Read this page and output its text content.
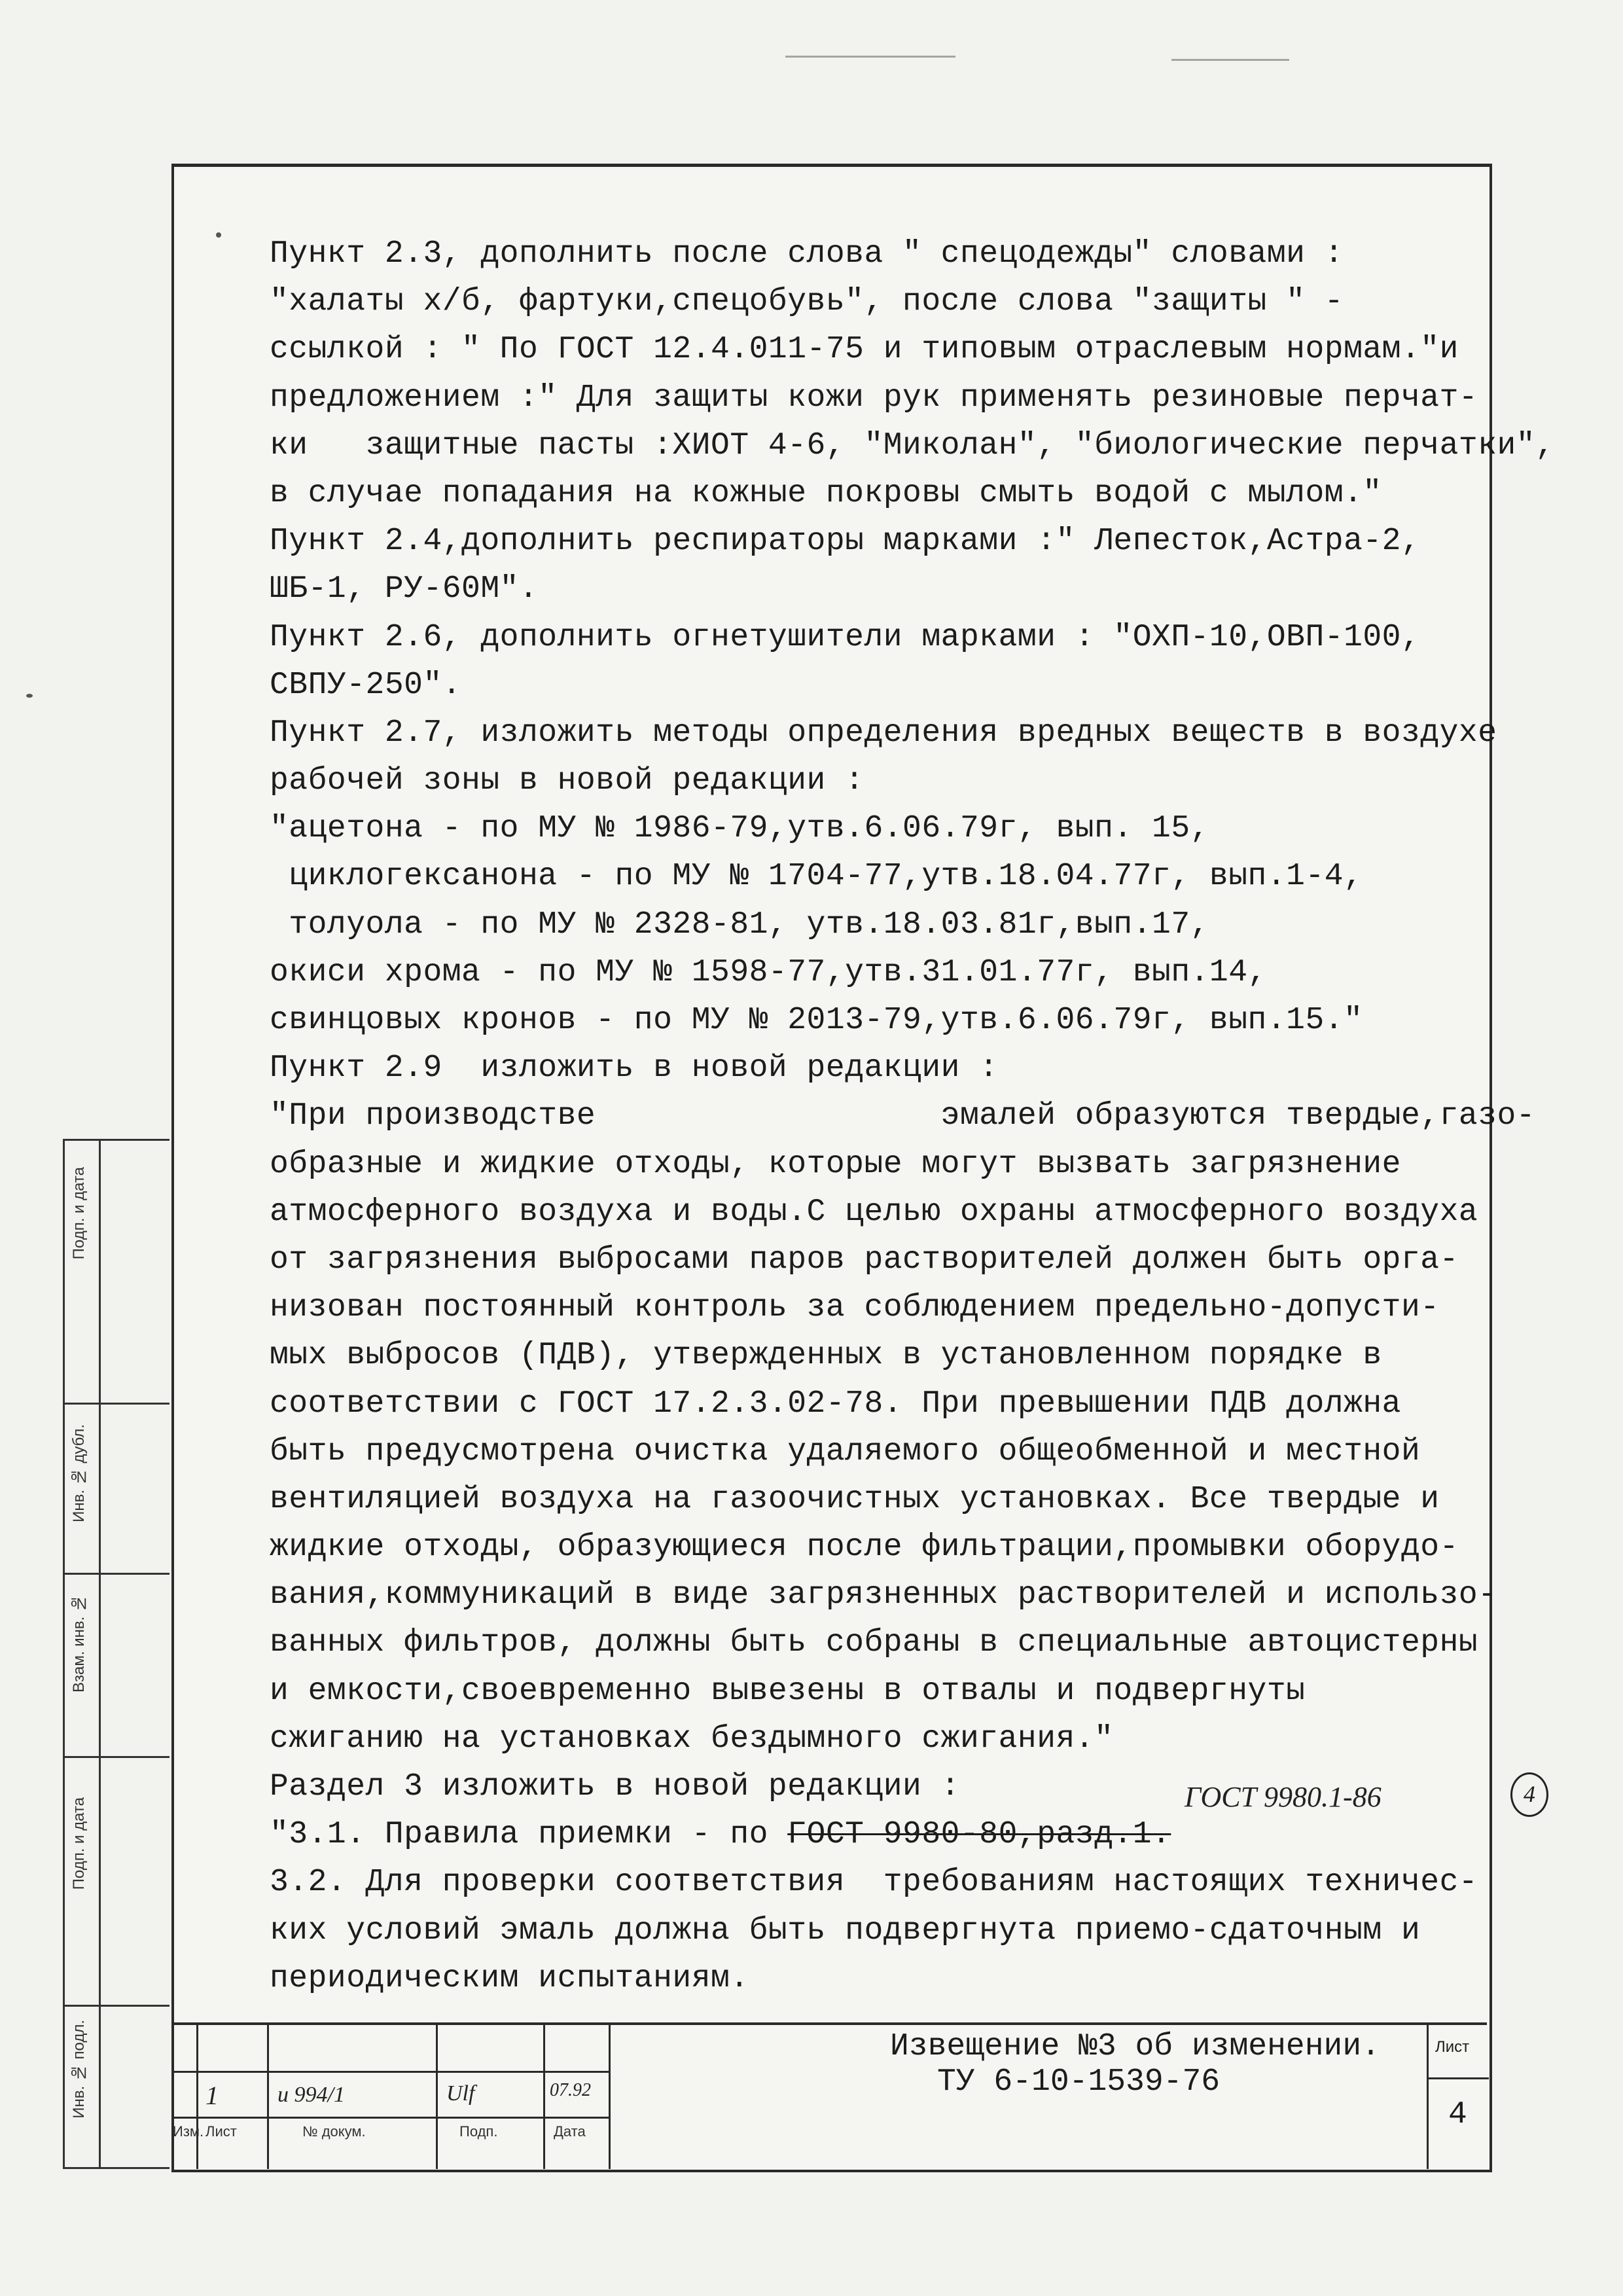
Пункт 2.3, дополнить после слова " спецодежды" словами :
"халаты х/б, фартуки,спецобувь", после слова "защиты " -
ссылкой : " По ГОСТ 12.4.011-75 и типовым отраслевым нормам."и
предложением :" Для защиты кожи рук применять резиновые перчат-
ки   защитные пасты :ХИОТ 4-6, "Миколан", "биологические перчатки",
в случае попадания на кожные покровы смыть водой с мылом."
Пункт 2.4,дополнить респираторы марками :" Лепесток,Астра-2,
ШБ-1, РУ-60М".
Пункт 2.6, дополнить огнетушители марками : "ОХП-10,ОВП-100,
СВПУ-250".
Пункт 2.7, изложить методы определения вредных веществ в воздухе
рабочей зоны в новой редакции :
"ацетона - по МУ № 1986-79,утв.6.06.79г, вып. 15,
циклогексанона - по МУ № 1704-77,утв.18.04.77г, вып.1-4,
толуола - по МУ № 2328-81, утв.18.03.81г,вып.17,
окиси хрома - по МУ № 1598-77,утв.31.01.77г, вып.14,
свинцовых кронов - по МУ № 2013-79,утв.6.06.79г, вып.15."
Пункт 2.9  изложить в новой редакции :
"При производстве                  эмалей образуются твердые,газо-
образные и жидкие отходы, которые могут вызвать загрязнение
атмосферного воздуха и воды.С целью охраны атмосферного воздуха
от загрязнения выбросами паров растворителей должен быть орга-
низован постоянный контроль за соблюдением предельно-допусти-
мых выбросов (ПДВ), утвержденных в установленном порядке в
соответствии с ГОСТ 17.2.3.02-78. При превышении ПДВ должна
быть предусмотрена очистка удаляемого общеобменной и местной
вентиляцией воздуха на газоочистных установках. Все твердые и
жидкие отходы, образующиеся после фильтрации,промывки оборудо-
вания,коммуникаций в виде загрязненных растворителей и использо-
ванных фильтров, должны быть собраны в специальные автоцистерны
и емкости,своевременно вывезены в отвалы и подвергнуты
сжиганию на установках бездымного сжигания."
Раздел 3 изложить в новой редакции :
"3.1. Правила приемки - по ГОСТ 9980-80,разд.1.
3.2. Для проверки соответствия  требованиям настоящих техничес-
ких условий эмаль должна быть подвергнута приемо-сдаточным и
периодическим испытаниям.
ГОСТ 9980.1-86	4
Подп. и дата
Инв. № дубл.
Взам. инв. №
Подп. и дата
Инв. № подл.	1	и 994/1	Ulf	07.92
Изм. Лист	№ докум.	Подп.	Дата
Извещение №3 об изменении.
ТУ 6-10-1539-76
Лист
4
